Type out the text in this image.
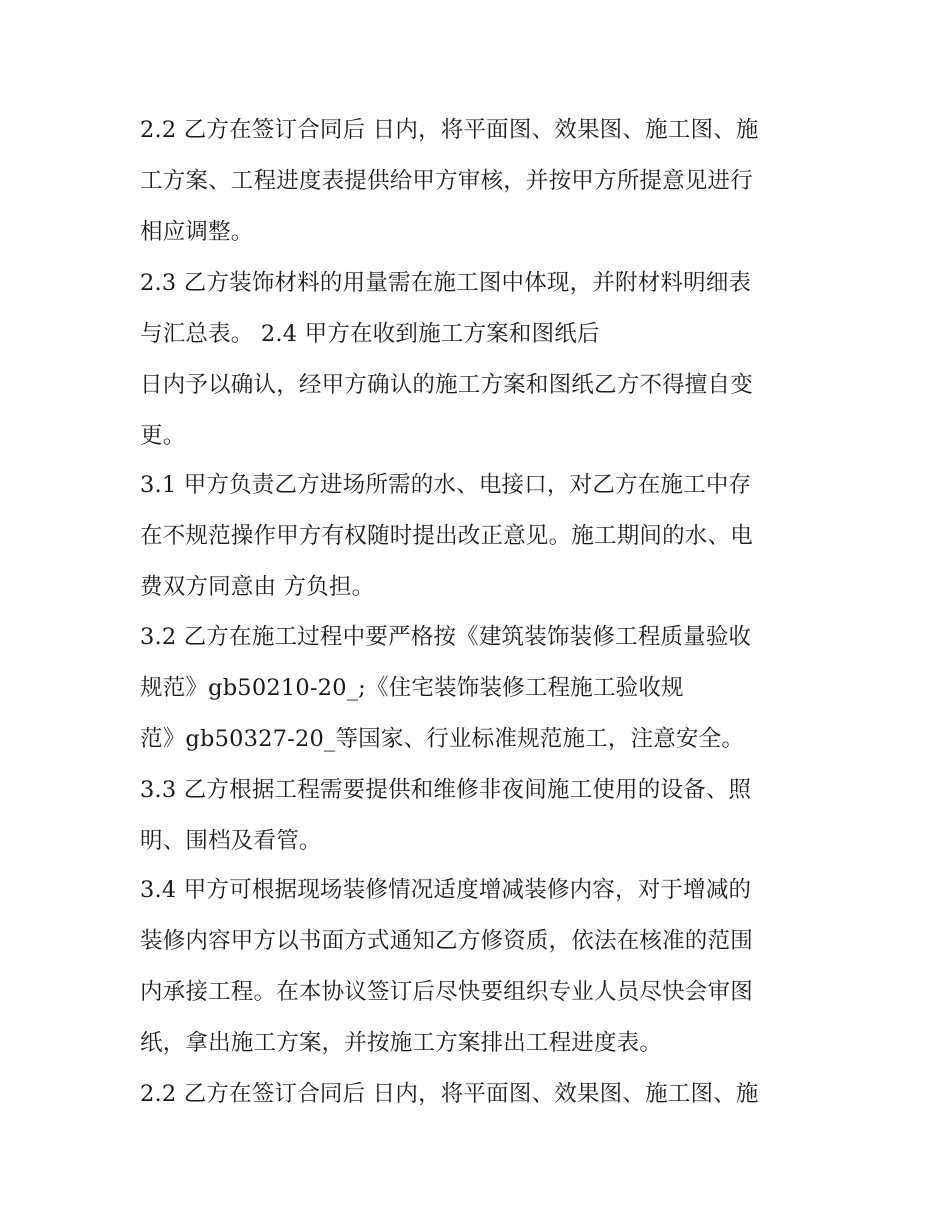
2.2 乙方在签订合同后 日内，将平面图、效果图、施工图、施
工方案、工程进度表提供给甲方审核，并按甲方所提意见进行
相应调整。
2.3 乙方装饰材料的用量需在施工图中体现，并附材料明细表
与汇总表。 2.4 甲方在收到施工方案和图纸后
日内予以确认，经甲方确认的施工方案和图纸乙方不得擅自变
更。
3.1 甲方负责乙方进场所需的水、电接口，对乙方在施工中存
在不规范操作甲方有权随时提出改正意见。施工期间的水、电
费双方同意由 方负担。
3.2 乙方在施工过程中要严格按《建筑装饰装修工程质量验收
规范》gb50210-20_;《住宅装饰装修工程施工验收规
范》gb50327-20_等国家、行业标准规范施工，注意安全。
3.3 乙方根据工程需要提供和维修非夜间施工使用的设备、照
明、围档及看管。
3.4 甲方可根据现场装修情况适度增减装修内容，对于增减的
装修内容甲方以书面方式通知乙方修资质，依法在核准的范围
内承接工程。在本协议签订后尽快要组织专业人员尽快会审图
纸，拿出施工方案，并按施工方案排出工程进度表。
2.2 乙方在签订合同后 日内，将平面图、效果图、施工图、施
